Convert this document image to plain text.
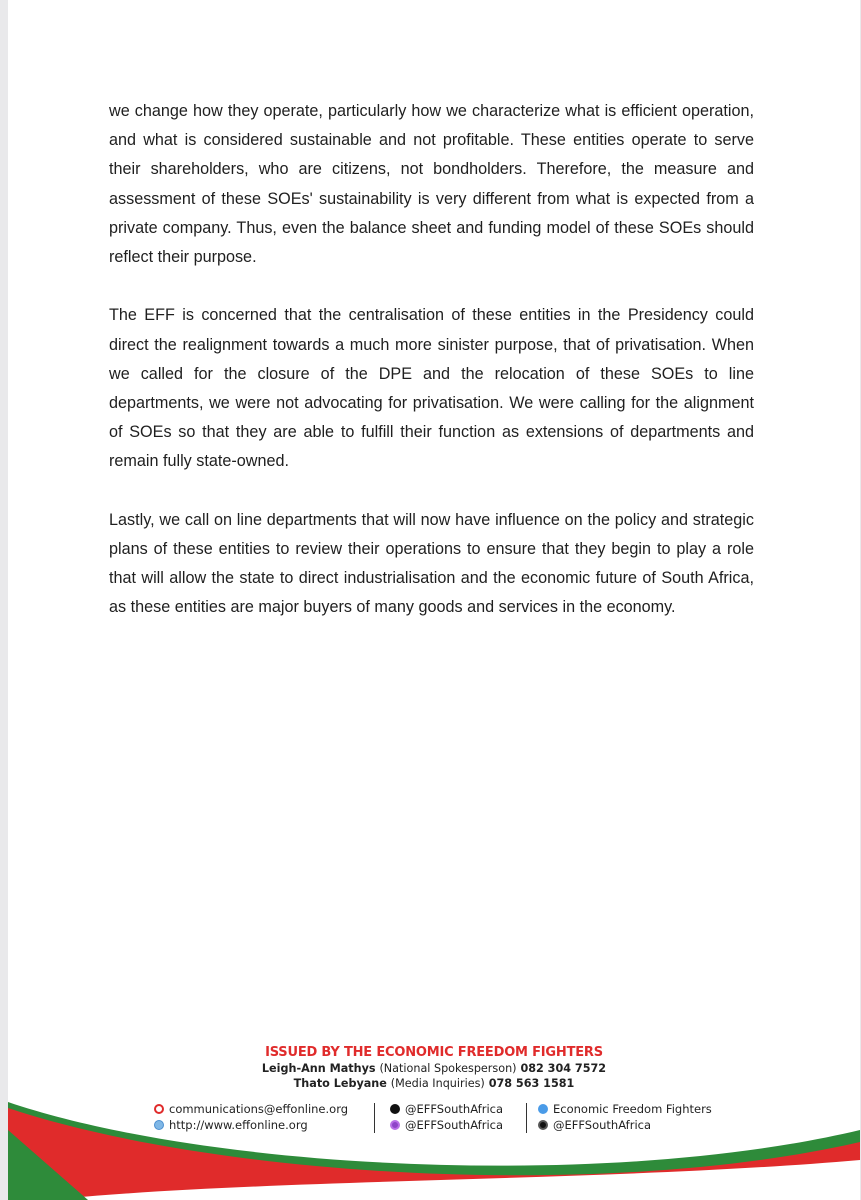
we change how they operate, particularly how we characterize what is efficient operation, and what is considered sustainable and not profitable. These entities operate to serve their shareholders, who are citizens, not bondholders. Therefore, the measure and assessment of these SOEs' sustainability is very different from what is expected from a private company. Thus, even the balance sheet and funding model of these SOEs should reflect their purpose.

The EFF is concerned that the centralisation of these entities in the Presidency could direct the realignment towards a much more sinister purpose, that of privatisation. When we called for the closure of the DPE and the relocation of these SOEs to line departments, we were not advocating for privatisation. We were calling for the alignment of SOEs so that they are able to fulfill their function as extensions of departments and remain fully state-owned.

Lastly, we call on line departments that will now have influence on the policy and strategic plans of these entities to review their operations to ensure that they begin to play a role that will allow the state to direct industrialisation and the economic future of South Africa, as these entities are major buyers of many goods and services in the economy.

ISSUED BY THE ECONOMIC FREEDOM FIGHTERS
Leigh-Ann Mathys (National Spokesperson) 082 304 7572
Thato Lebyane (Media Inquiries) 078 563 1581
communications@effonline.org
http://www.effonline.org
@EFFSouthAfrica
@EFFSouthAfrica
Economic Freedom Fighters
@EFFSouthAfrica
